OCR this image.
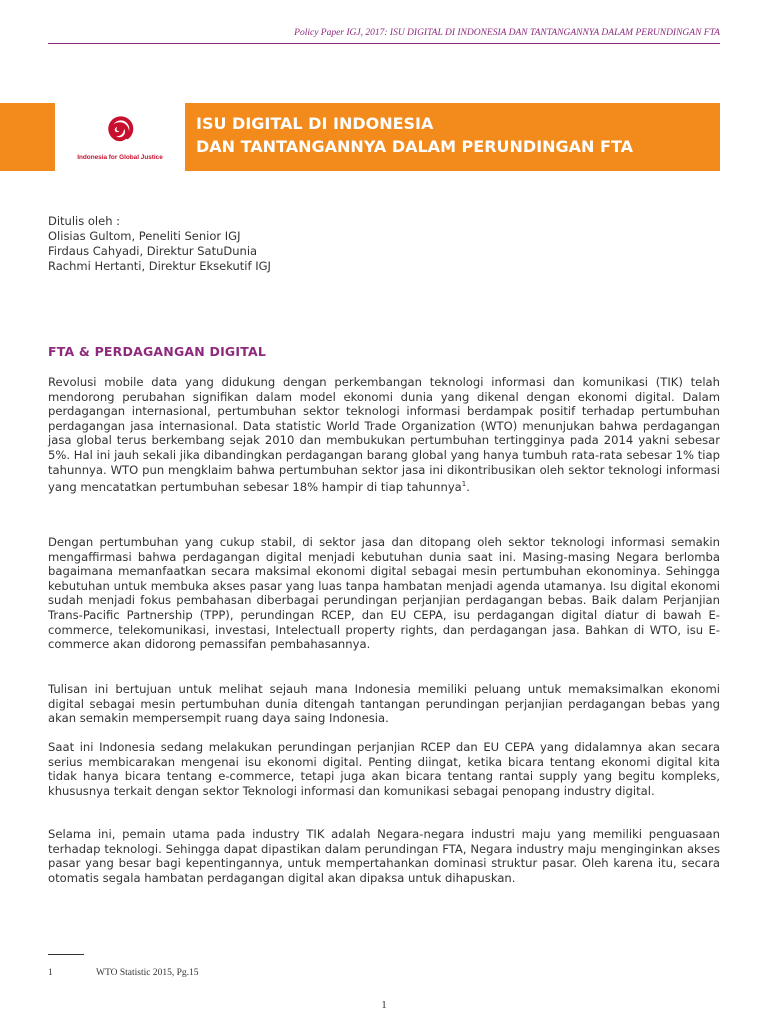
Policy Paper IGJ, 2017: ISU DIGITAL DI INDONESIA DAN TANTANGANNYA DALAM PERUNDINGAN FTA
Indonesia for Global Justice
ISU DIGITAL DI INDONESIA
DAN TANTANGANNYA DALAM PERUNDINGAN FTA
Ditulis oleh :
Olisias Gultom, Peneliti Senior IGJ
Firdaus Cahyadi, Direktur SatuDunia
Rachmi Hertanti, Direktur Eksekutif IGJ
FTA & PERDAGANGAN DIGITAL

Revolusi mobile data yang didukung dengan perkembangan teknologi informasi dan komunikasi (TIK) telah mendorong perubahan signifikan dalam model ekonomi dunia yang dikenal dengan ekonomi digital. Dalam perdagangan internasional, pertumbuhan sektor teknologi informasi berdampak positif terhadap pertumbuhan perdagangan jasa internasional. Data statistic World Trade Organization (WTO) menunjukan bahwa perdagangan jasa global terus berkembang sejak 2010 dan membukukan pertumbuhan tertingginya pada 2014 yakni sebesar 5%. Hal ini jauh sekali jika dibandingkan perdagangan barang global yang hanya tumbuh rata-rata sebesar 1% tiap tahunnya. WTO pun mengklaim bahwa pertumbuhan sektor jasa ini dikontribusikan oleh sektor teknologi informasi yang mencatatkan pertumbuhan sebesar 18% hampir di tiap tahunnya$^1$.

Dengan pertumbuhan yang cukup stabil, di sektor jasa dan ditopang oleh sektor teknologi informasi semakin mengaffirmasi bahwa perdagangan digital menjadi kebutuhan dunia saat ini. Masing-masing Negara berlomba bagaimana memanfaatkan secara maksimal ekonomi digital sebagai mesin pertumbuhan ekonominya. Sehingga kebutuhan untuk membuka akses pasar yang luas tanpa hambatan menjadi agenda utamanya. Isu digital ekonomi sudah menjadi fokus pembahasan diberbagai perundingan perjanjian perdagangan bebas. Baik dalam Perjanjian Trans-Pacific Partnership (TPP), perundingan RCEP, dan EU CEPA, isu perdagangan digital diatur di bawah E-commerce, telekomunikasi, investasi, Intelectuall property rights, dan perdagangan jasa. Bahkan di WTO, isu E-commerce akan didorong pemassifan pembahasannya.

Tulisan ini bertujuan untuk melihat sejauh mana Indonesia memiliki peluang untuk memaksimalkan ekonomi digital sebagai mesin pertumbuhan dunia ditengah tantangan perundingan perjanjian perdagangan bebas yang akan semakin mempersempit ruang daya saing Indonesia.

Saat ini Indonesia sedang melakukan perundingan perjanjian RCEP dan EU CEPA yang didalamnya akan secara serius membicarakan mengenai isu ekonomi digital. Penting diingat, ketika bicara tentang ekonomi digital kita tidak hanya bicara tentang e-commerce, tetapi juga akan bicara tentang rantai supply yang begitu kompleks, khususnya terkait dengan sektor Teknologi informasi dan komunikasi sebagai penopang industry digital.

Selama ini, pemain utama pada industry TIK adalah Negara-negara industri maju yang memiliki penguasaan terhadap teknologi. Sehingga dapat dipastikan dalam perundingan FTA, Negara industry maju menginginkan akses pasar yang besar bagi kepentingannya, untuk mempertahankan dominasi struktur pasar. Oleh karena itu, secara otomatis segala hambatan perdagangan digital akan dipaksa untuk dihapuskan.

1	WTO Statistic 2015, Pg.15
1
